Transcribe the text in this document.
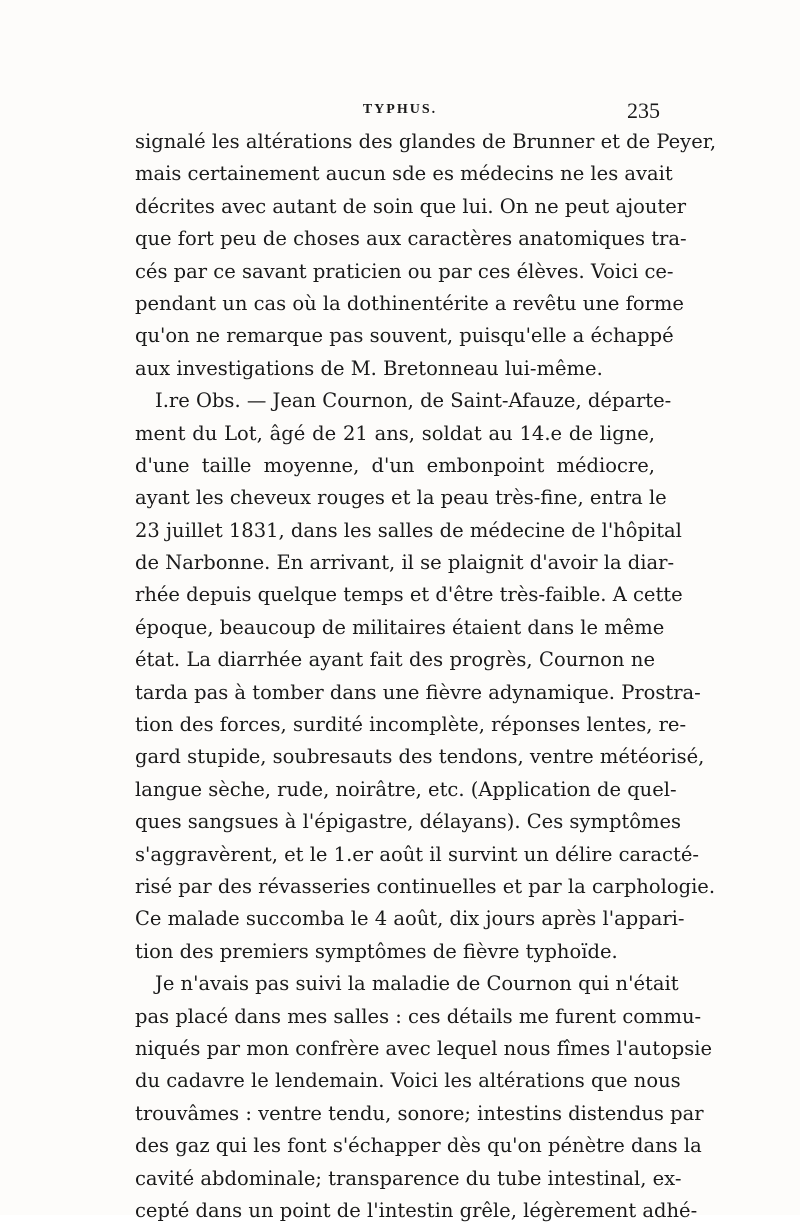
TYPHUS.	235
signalé les altérations des glandes de Brunner et de Peyer,
mais certainement aucun sde es médecins ne les avait
décrites avec autant de soin que lui. On ne peut ajouter
que fort peu de choses aux caractères anatomiques tra-
cés par ce savant praticien ou par ces élèves. Voici ce-
pendant un cas où la dothinentérite a revêtu une forme
qu'on ne remarque pas souvent, puisqu'elle a échappé
aux investigations de M. Bretonneau lui-même.
I.re Obs. — Jean Cournon, de Saint-Afauze, départe-
ment du Lot, âgé de 21 ans, soldat au 14.e de ligne,
d'une taille moyenne, d'un embonpoint médiocre,
ayant les cheveux rouges et la peau très-fine, entra le
23 juillet 1831, dans les salles de médecine de l'hôpital
de Narbonne. En arrivant, il se plaignit d'avoir la diar-
rhée depuis quelque temps et d'être très-faible. A cette
époque, beaucoup de militaires étaient dans le même
état. La diarrhée ayant fait des progrès, Cournon ne
tarda pas à tomber dans une fièvre adynamique. Prostra-
tion des forces, surdité incomplète, réponses lentes, re-
gard stupide, soubresauts des tendons, ventre météorisé,
langue sèche, rude, noirâtre, etc. (Application de quel-
ques sangsues à l'épigastre, délayans). Ces symptômes
s'aggravèrent, et le 1.er août il survint un délire caracté-
risé par des révasseries continuelles et par la carphologie.
Ce malade succomba le 4 août, dix jours après l'appari-
tion des premiers symptômes de fièvre typhoïde.
Je n'avais pas suivi la maladie de Cournon qui n'était
pas placé dans mes salles : ces détails me furent commu-
niqués par mon confrère avec lequel nous fîmes l'autopsie
du cadavre le lendemain. Voici les altérations que nous
trouvâmes : ventre tendu, sonore; intestins distendus par
des gaz qui les font s'échapper dès qu'on pénètre dans la
cavité abdominale; transparence du tube intestinal, ex-
cepté dans un point de l'intestin grêle, légèrement adhé-
